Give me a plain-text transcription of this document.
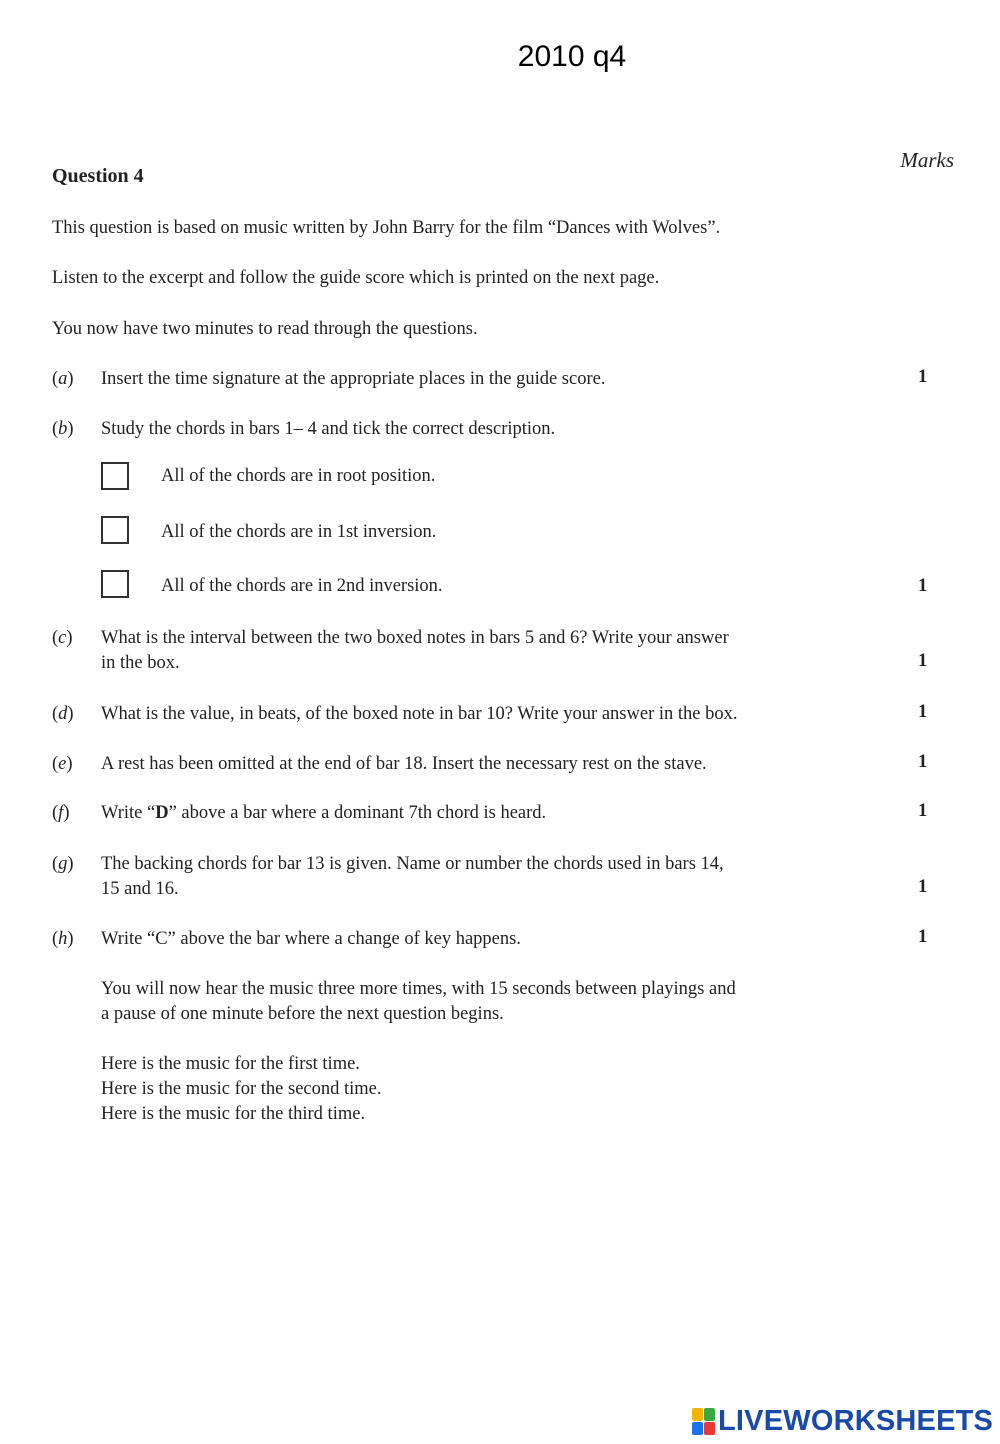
2010 q4
Marks
Question 4
This question is based on music written by John Barry for the film “Dances with Wolves”.
Listen to the excerpt and follow the guide score which is printed on the next page.
You now have two minutes to read through the questions.
(a) Insert the time signature at the appropriate places in the guide score.	1
(b) Study the chords in bars 1– 4 and tick the correct description.
All of the chords are in root position.
All of the chords are in 1st inversion.
All of the chords are in 2nd inversion.	1
(c) What is the interval between the two boxed notes in bars 5 and 6? Write your answer
in the box.	1
(d) What is the value, in beats, of the boxed note in bar 10? Write your answer in the box.	1
(e) A rest has been omitted at the end of bar 18. Insert the necessary rest on the stave.	1
(f) Write “D” above a bar where a dominant 7th chord is heard.	1
(g) The backing chords for bar 13 is given. Name or number the chords used in bars 14,
15 and 16.	1
(h) Write “C” above the bar where a change of key happens.	1
You will now hear the music three more times, with 15 seconds between playings and
a pause of one minute before the next question begins.
Here is the music for the first time.
Here is the music for the second time.
Here is the music for the third time.
LIVEWORKSHEETS
